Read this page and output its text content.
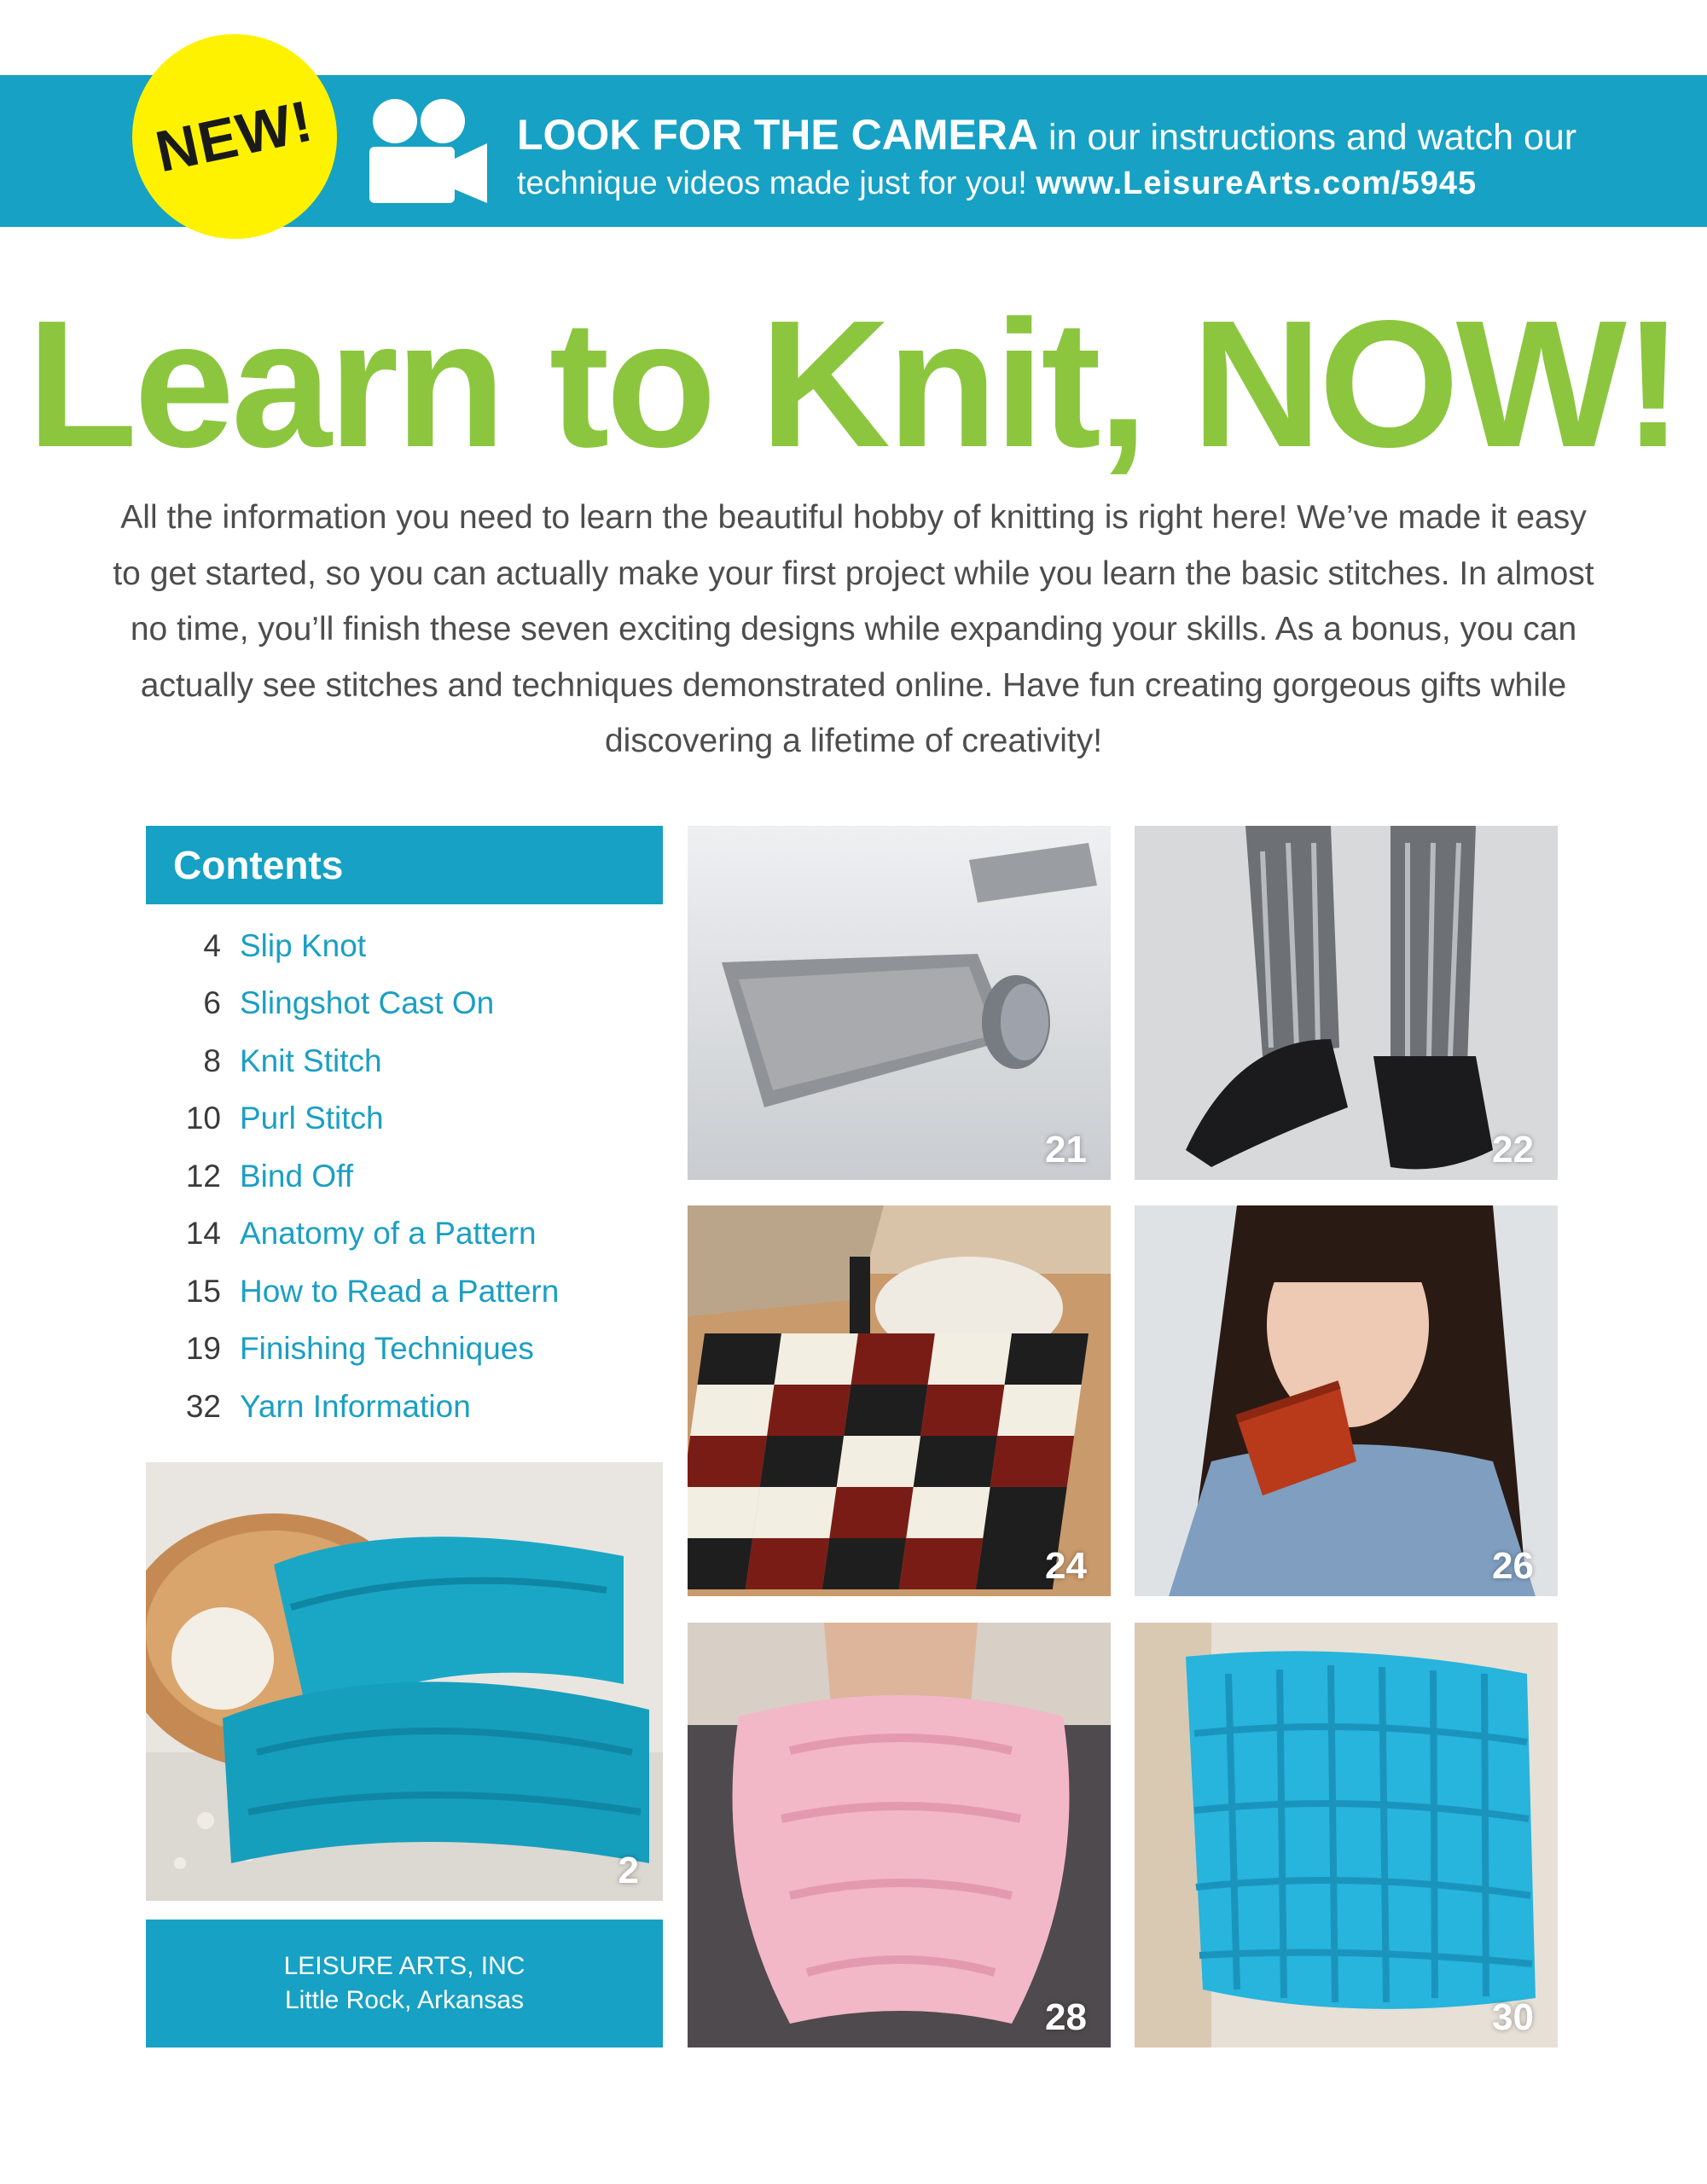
NEW!	LOOK FOR THE CAMERA in our instructions and watch our
technique videos made just for you! www.LeisureArts.com/5945
Learn to Knit, NOW!

All the information you need to learn the beautiful hobby of knitting is right here! We’ve made it easy to get started, so you can actually make your first project while you learn the basic stitches. In almost no time, you’ll finish these seven exciting designs while expanding your skills. As a bonus, you can actually see stitches and techniques demonstrated online. Have fun creating gorgeous gifts while discovering a lifetime of creativity!

Contents
4 Slip Knot
6 Slingshot Cast On
8 Knit Stitch
10 Purl Stitch
12 Bind Off
14 Anatomy of a Pattern
15 How to Read a Pattern
19 Finishing Techniques
32 Yarn Information
2
LEISURE ARTS, INC
Little Rock, Arkansas
21	22
24	26
28	30
